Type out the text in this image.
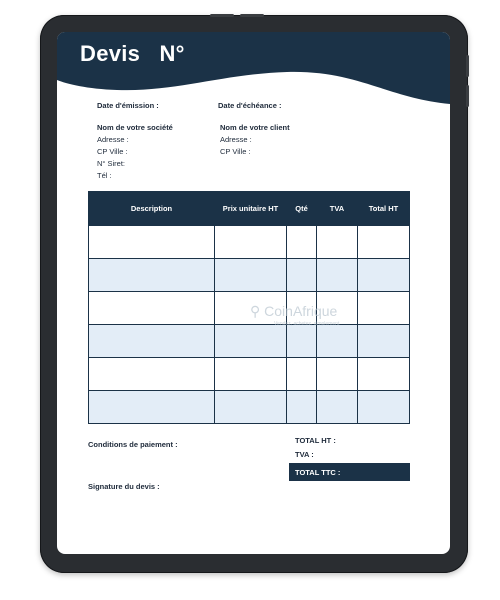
Devis   N°
Date d'émission :	Date d'échéance :
Nom de votre société
Adresse :
CP Ville :
N° Siret:
Tél :
Nom de votre client
Adresse :
CP Ville :
Description	Prix unitaire HT	Qté	TVA	Total HT

Conditions de paiement :	TOTAL HT :
TVA :
TOTAL TTC :
Signature du devis :
⚲ CoinAfrique
Vendez, achetez, simplement
